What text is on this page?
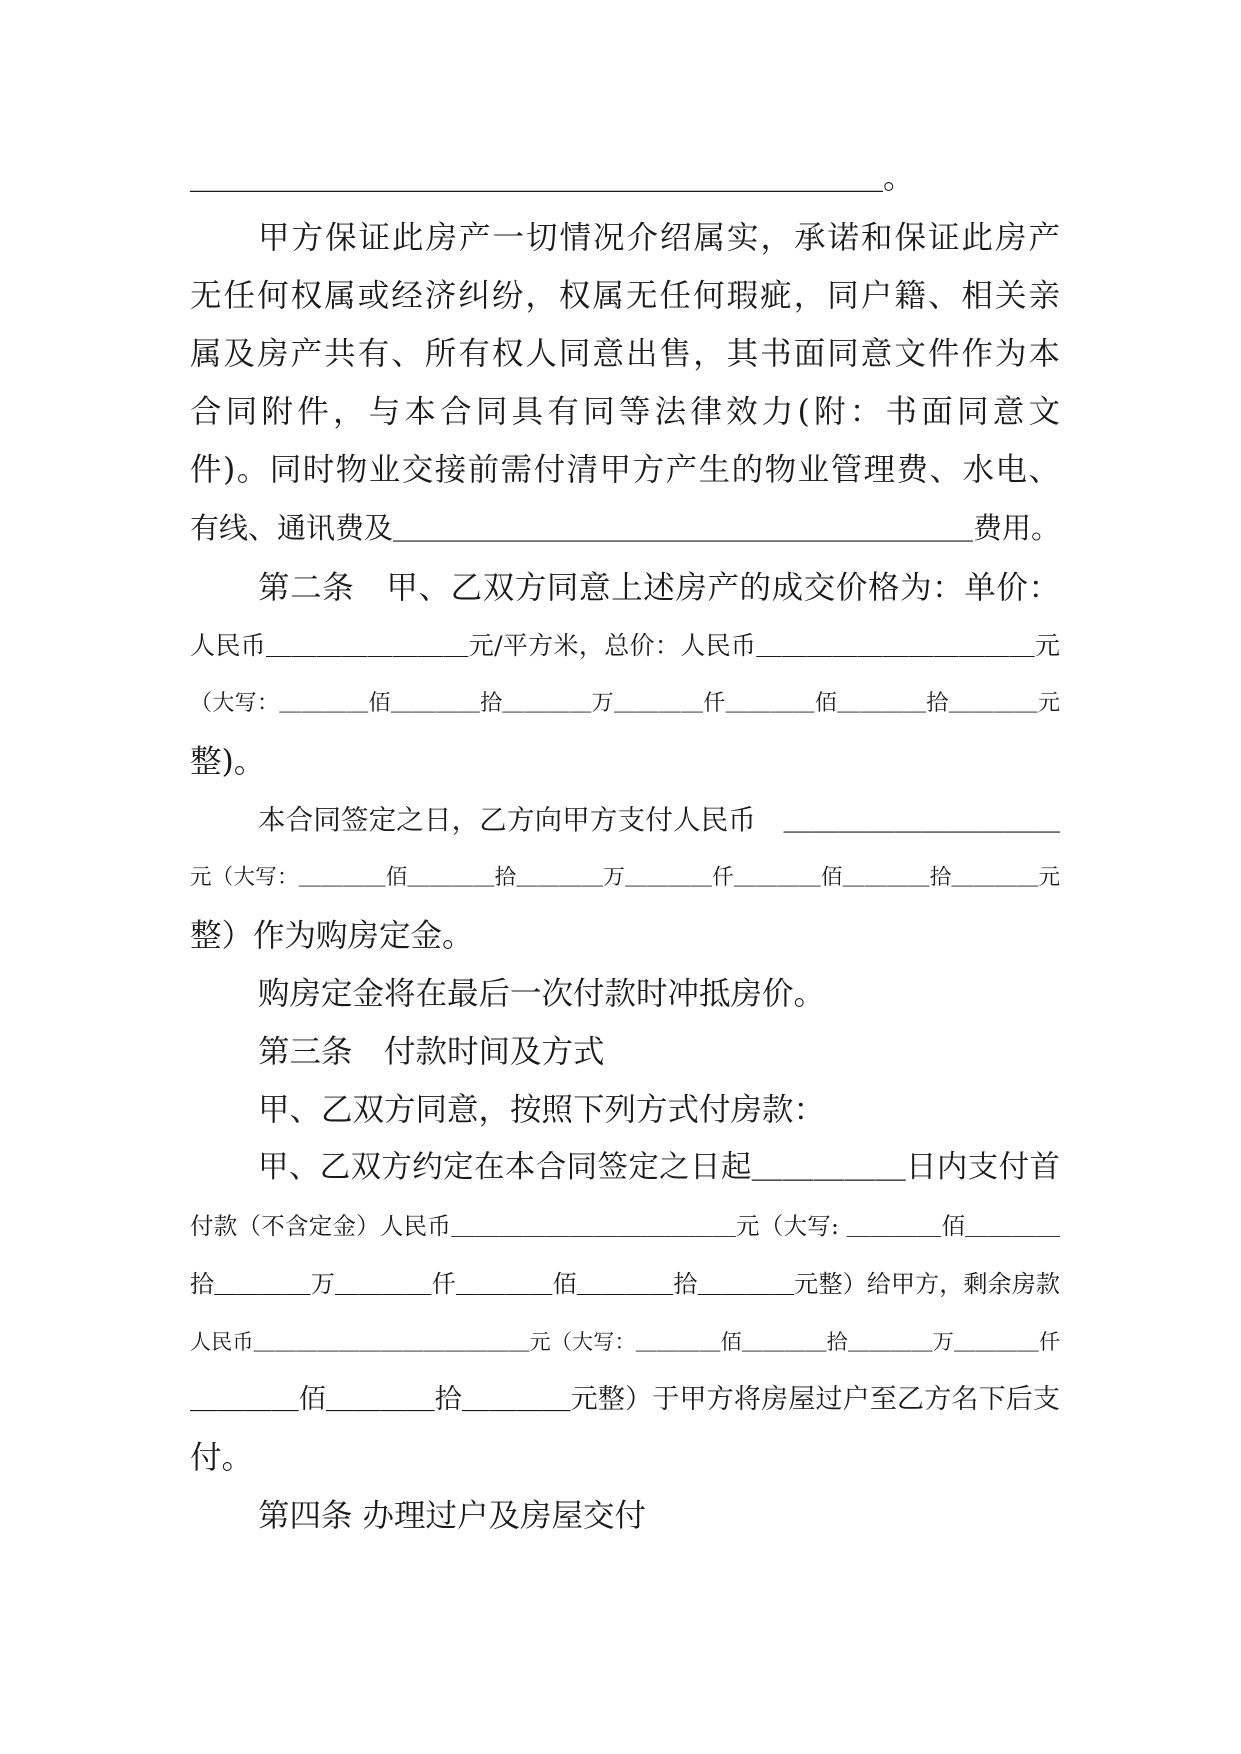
＿＿＿＿＿＿＿＿＿＿＿＿＿＿＿＿＿＿＿＿＿＿。
甲方保证此房产一切情况介绍属实，承诺和保证此房产
无任何权属或经济纠纷，权属无任何瑕疵，同户籍、相关亲
属及房产共有、所有权人同意出售，其书面同意文件作为本
合同附件，与本合同具有同等法律效力(附：书面同意文
件)。同时物业交接前需付清甲方产生的物业管理费、水电、
有线、通讯费及＿＿＿＿＿＿＿＿＿＿＿＿＿＿＿＿＿＿＿＿费用。
第二条　甲、乙双方同意上述房产的成交价格为：单价：
人民币＿＿＿＿＿＿＿＿元/平方米，总价：人民币＿＿＿＿＿＿＿＿＿＿＿元
（大写：＿＿＿＿佰＿＿＿＿拾＿＿＿＿万＿＿＿＿仟＿＿＿＿佰＿＿＿＿拾＿＿＿＿元
整)。
本合同签定之日，乙方向甲方支付人民币　＿＿＿＿＿＿＿＿＿＿
元（大写：＿＿＿＿佰＿＿＿＿拾＿＿＿＿万＿＿＿＿仟＿＿＿＿佰＿＿＿＿拾＿＿＿＿元
整）作为购房定金。
购房定金将在最后一次付款时冲抵房价。
第三条　付款时间及方式
甲、乙双方同意，按照下列方式付房款：
甲、乙双方约定在本合同签定之日起＿＿＿＿＿日内支付首
付款（不含定金）人民币＿＿＿＿＿＿＿＿＿＿＿＿元（大写: ＿＿＿＿佰＿＿＿＿
拾＿＿＿＿万＿＿＿＿仟＿＿＿＿佰＿＿＿＿拾＿＿＿＿元整）给甲方，剩余房款
人民币＿＿＿＿＿＿＿＿＿＿＿＿＿元（大写：＿＿＿＿佰＿＿＿＿拾＿＿＿＿万＿＿＿＿仟
＿＿＿＿佰＿＿＿＿拾＿＿＿＿元整）于甲方将房屋过户至乙方名下后支
付。
第四条 办理过户及房屋交付
